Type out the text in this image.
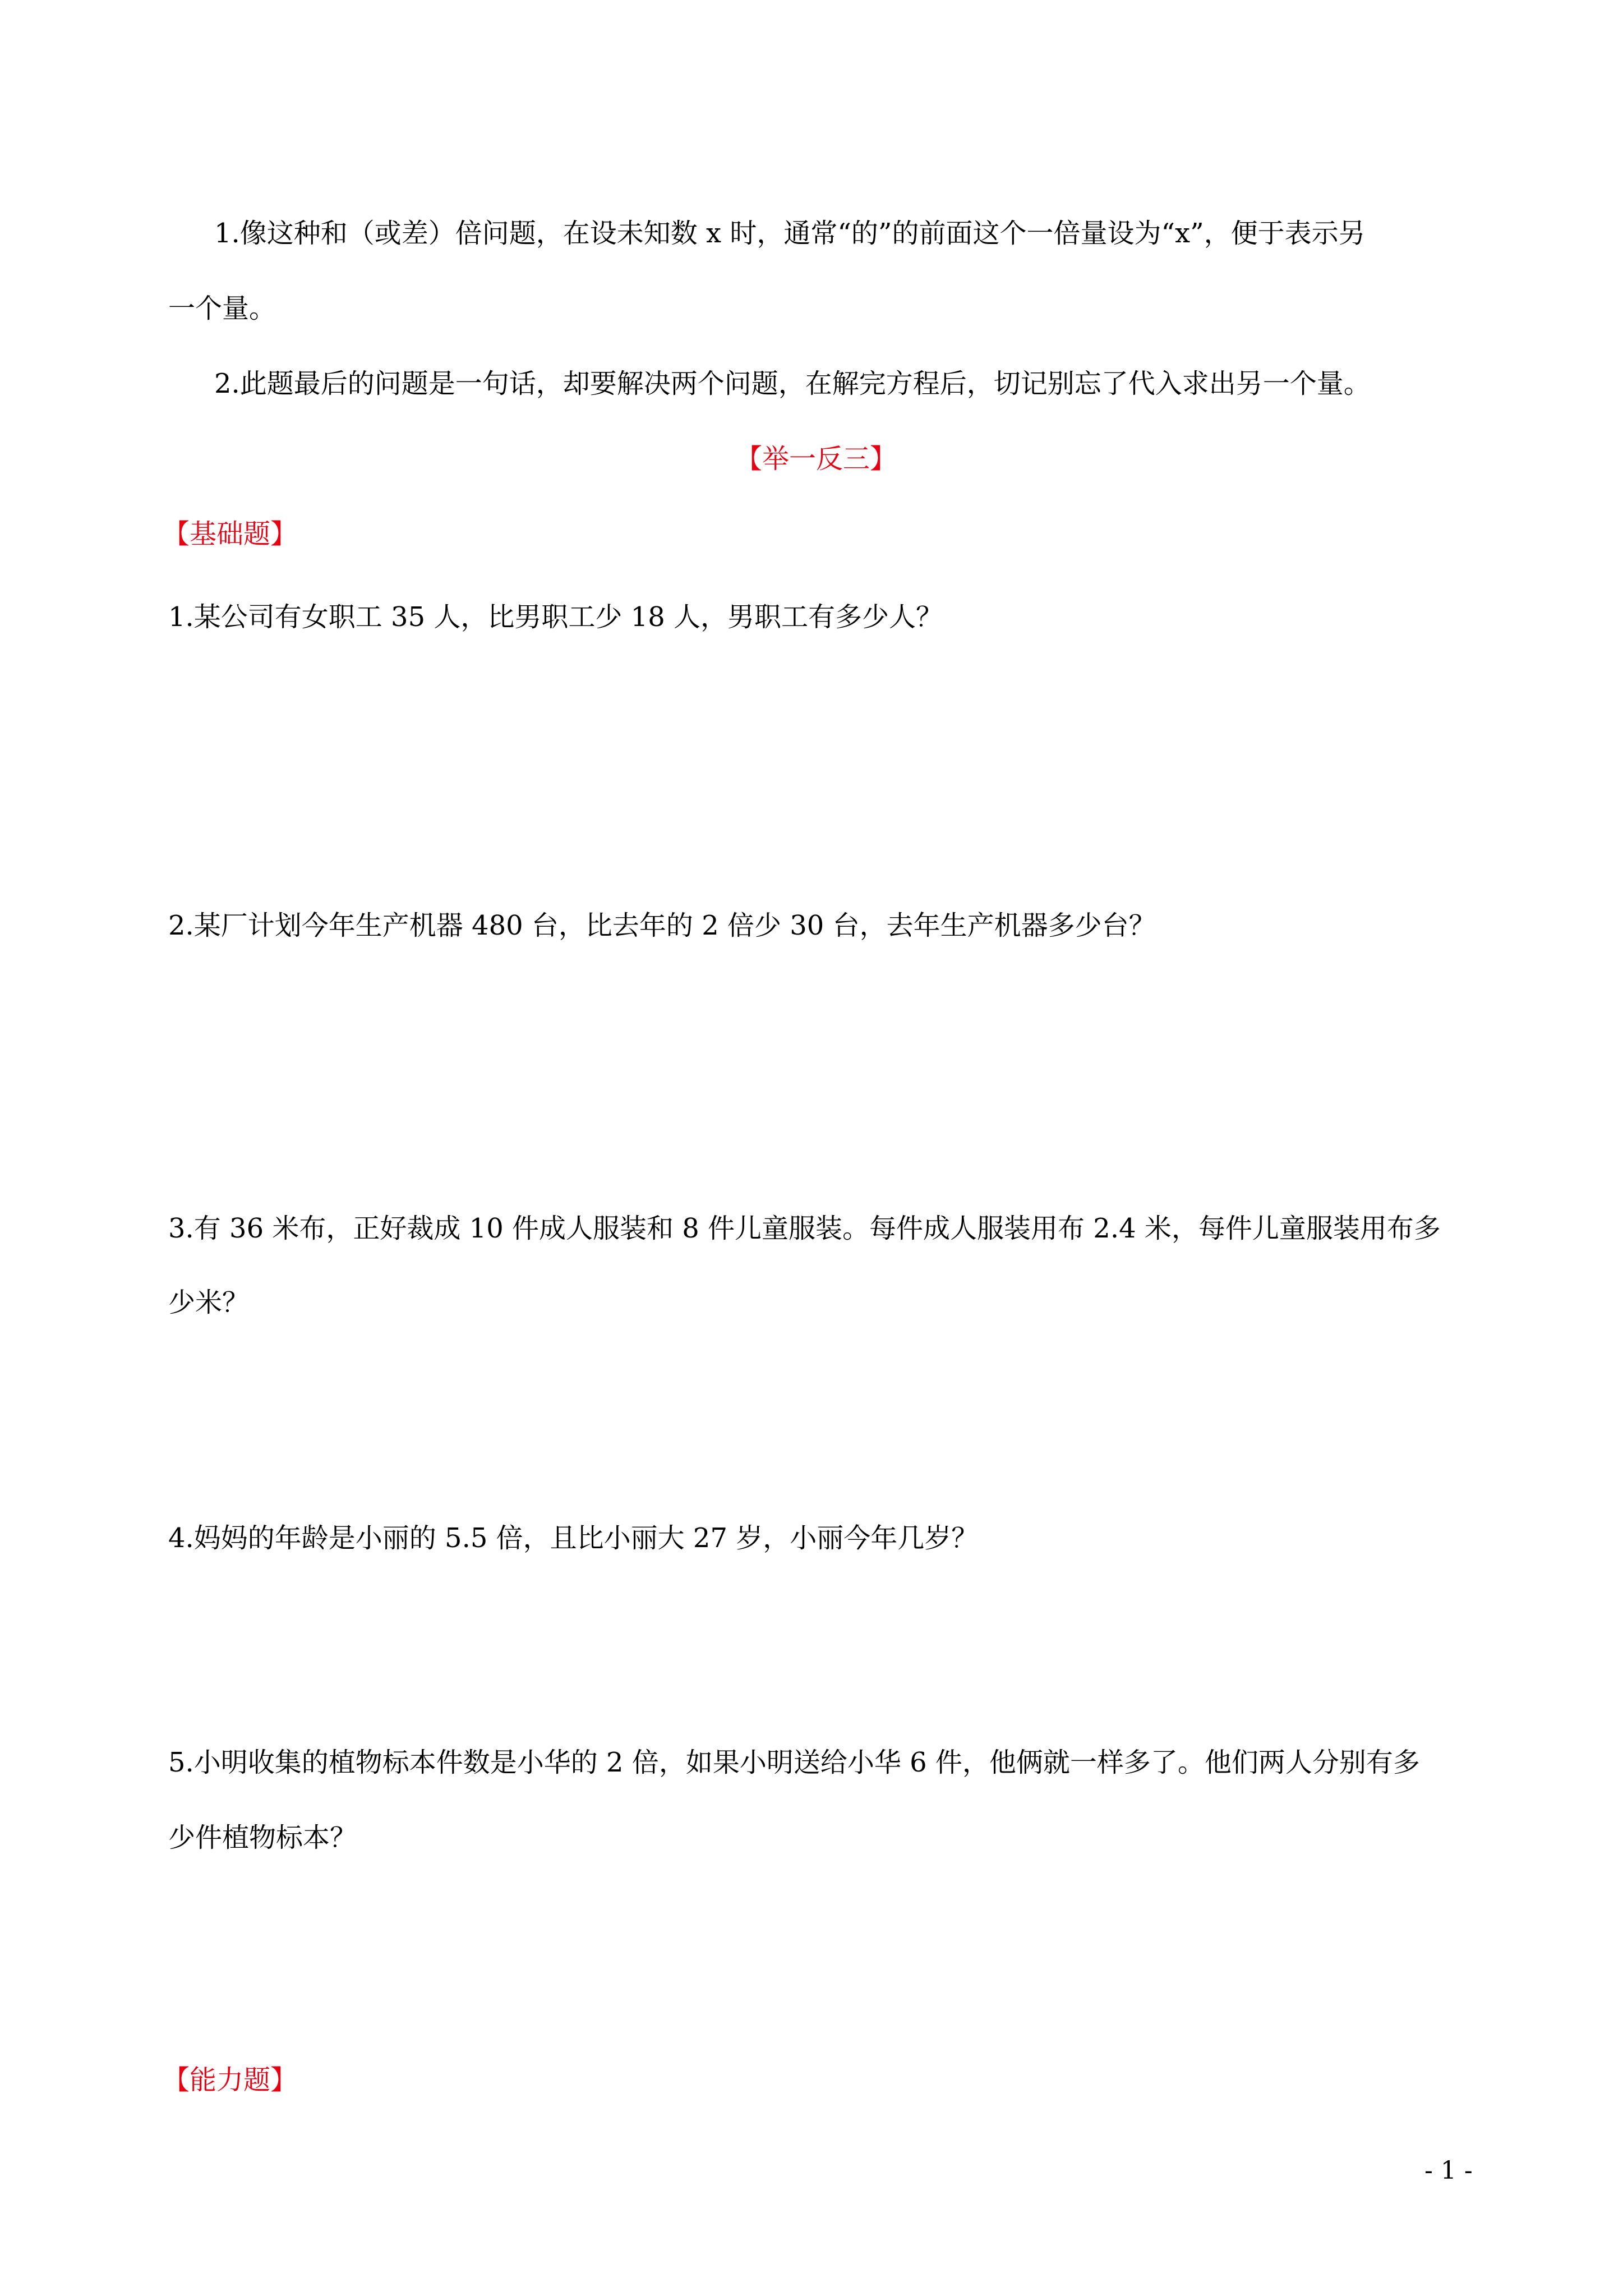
1.像这种和（或差）倍问题，在设未知数 x 时，通常“的”的前面这个一倍量设为“x”，便于表示另
一个量。
2.此题最后的问题是一句话，却要解决两个问题，在解完方程后，切记别忘了代入求出另一个量。
【举一反三】
【基础题】
1.某公司有女职工 35 人，比男职工少 18 人，男职工有多少人？
2.某厂计划今年生产机器 480 台，比去年的 2 倍少 30 台，去年生产机器多少台？
3.有 36 米布，正好裁成 10 件成人服装和 8 件儿童服装。每件成人服装用布 2.4 米，每件儿童服装用布多
少米？
4.妈妈的年龄是小丽的 5.5 倍，且比小丽大 27 岁，小丽今年几岁？
5.小明收集的植物标本件数是小华的 2 倍，如果小明送给小华 6 件，他俩就一样多了。他们两人分别有多
少件植物标本？
【能力题】
- 1 -
